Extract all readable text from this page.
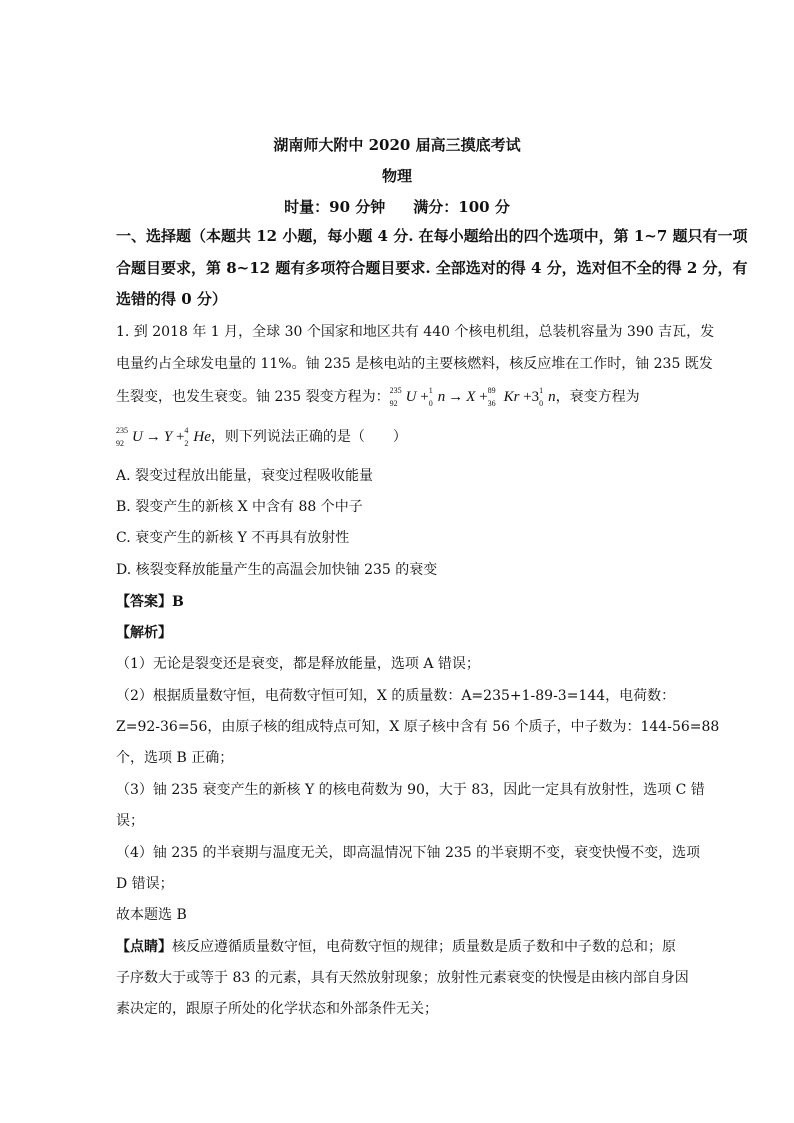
湖南师大附中 2020 届高三摸底考试
物理
时量：90 分钟 满分：100 分
一、选择题（本题共 12 小题，每小题 4 分. 在每小题给出的四个选项中，第 1~7 题只有一项
合题目要求，第 8~12 题有多项符合题目要求. 全部选对的得 4 分，选对但不全的得 2 分，有
选错的得 0 分）
1. 到 2018 年 1 月，全球 30 个国家和地区共有 440 个核电机组，总装机容量为 390 吉瓦，发
电量约占全球发电量的 11%。铀 235 是核电站的主要核燃料，核反应堆在工作时，铀 235 既发
生裂变，也发生衰变。铀 235 裂变方程为： 235
92 U + 1
0 n → X + 89
36 Kr +3 1
0 n，衰变方程为
235
92 U → Y + 4
2 He，则下列说法正确的是（　　）
A. 裂变过程放出能量，衰变过程吸收能量
B. 裂变产生的新核 X 中含有 88 个中子
C. 衰变产生的新核 Y 不再具有放射性
D. 核裂变释放能量产生的高温会加快铀 235 的衰变
【答案】B
【解析】
（1）无论是裂变还是衰变，都是释放能量，选项 A 错误；
（2）根据质量数守恒，电荷数守恒可知，X 的质量数：A=235+1-89-3=144，电荷数：
Z=92-36=56，由原子核的组成特点可知，X 原子核中含有 56 个质子，中子数为：144-56=88
个，选项 B 正确；
（3）铀 235 衰变产生的新核 Y 的核电荷数为 90，大于 83，因此一定具有放射性，选项 C 错
误；
（4）铀 235 的半衰期与温度无关，即高温情况下铀 235 的半衰期不变，衰变快慢不变，选项
D 错误；
故本题选 B
【点睛】核反应遵循质量数守恒，电荷数守恒的规律；质量数是质子数和中子数的总和；原
子序数大于或等于 83 的元素，具有天然放射现象；放射性元素衰变的快慢是由核内部自身因
素决定的，跟原子所处的化学状态和外部条件无关；
